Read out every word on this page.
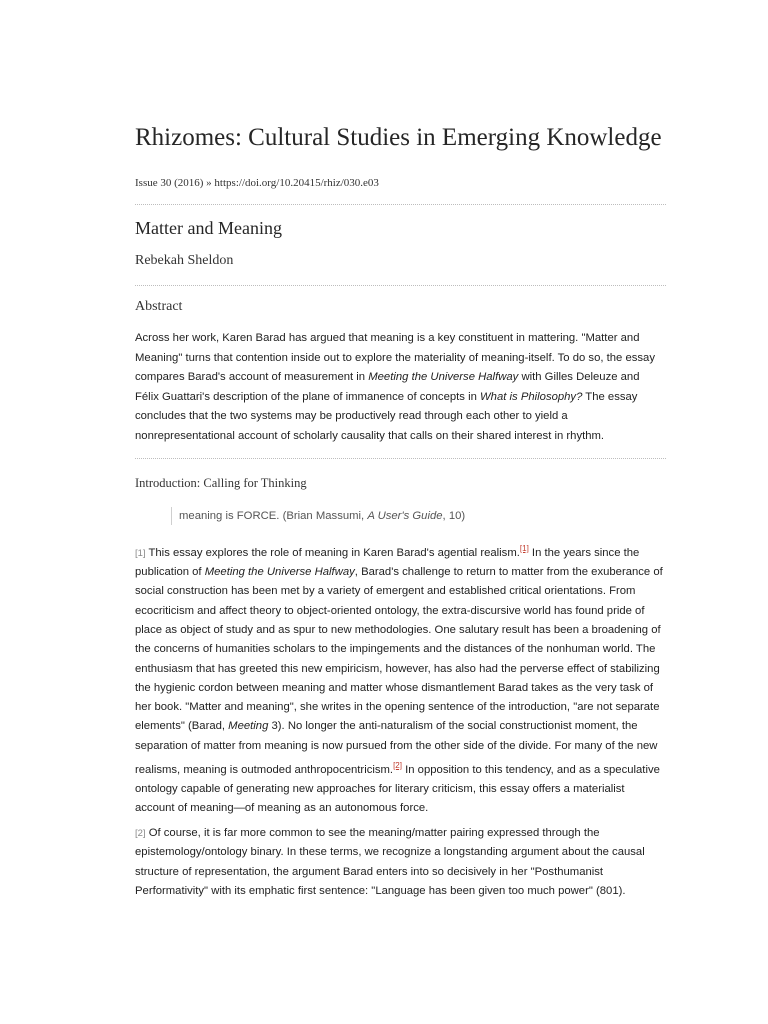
Rhizomes: Cultural Studies in Emerging Knowledge
Issue 30 (2016) » https://doi.org/10.20415/rhiz/030.e03
Matter and Meaning
Rebekah Sheldon
Abstract

Across her work, Karen Barad has argued that meaning is a key constituent in mattering. "Matter and Meaning" turns that contention inside out to explore the materiality of meaning-itself. To do so, the essay compares Barad's account of measurement in Meeting the Universe Halfway with Gilles Deleuze and Félix Guattari's description of the plane of immanence of concepts in What is Philosophy? The essay concludes that the two systems may be productively read through each other to yield a nonrepresentational account of scholarly causality that calls on their shared interest in rhythm.

Introduction: Calling for Thinking
meaning is FORCE. (Brian Massumi, A User's Guide, 10)

[1] This essay explores the role of meaning in Karen Barad's agential realism.[1] In the years since the publication of Meeting the Universe Halfway, Barad's challenge to return to matter from the exuberance of social construction has been met by a variety of emergent and established critical orientations. From ecocriticism and affect theory to object-oriented ontology, the extra-discursive world has found pride of place as object of study and as spur to new methodologies. One salutary result has been a broadening of the concerns of humanities scholars to the impingements and the distances of the nonhuman world. The enthusiasm that has greeted this new empiricism, however, has also had the perverse effect of stabilizing the hygienic cordon between meaning and matter whose dismantlement Barad takes as the very task of her book. "Matter and meaning", she writes in the opening sentence of the introduction, "are not separate elements" (Barad, Meeting 3). No longer the anti-naturalism of the social constructionist moment, the separation of matter from meaning is now pursued from the other side of the divide. For many of the new realisms, meaning is outmoded anthropocentricism.[2] In opposition to this tendency, and as a speculative ontology capable of generating new approaches for literary criticism, this essay offers a materialist account of meaning—of meaning as an autonomous force.

[2] Of course, it is far more common to see the meaning/matter pairing expressed through the epistemology/ontology binary. In these terms, we recognize a longstanding argument about the causal structure of representation, the argument Barad enters into so decisively in her "Posthumanist Performativity" with its emphatic first sentence: "Language has been given too much power" (801).
